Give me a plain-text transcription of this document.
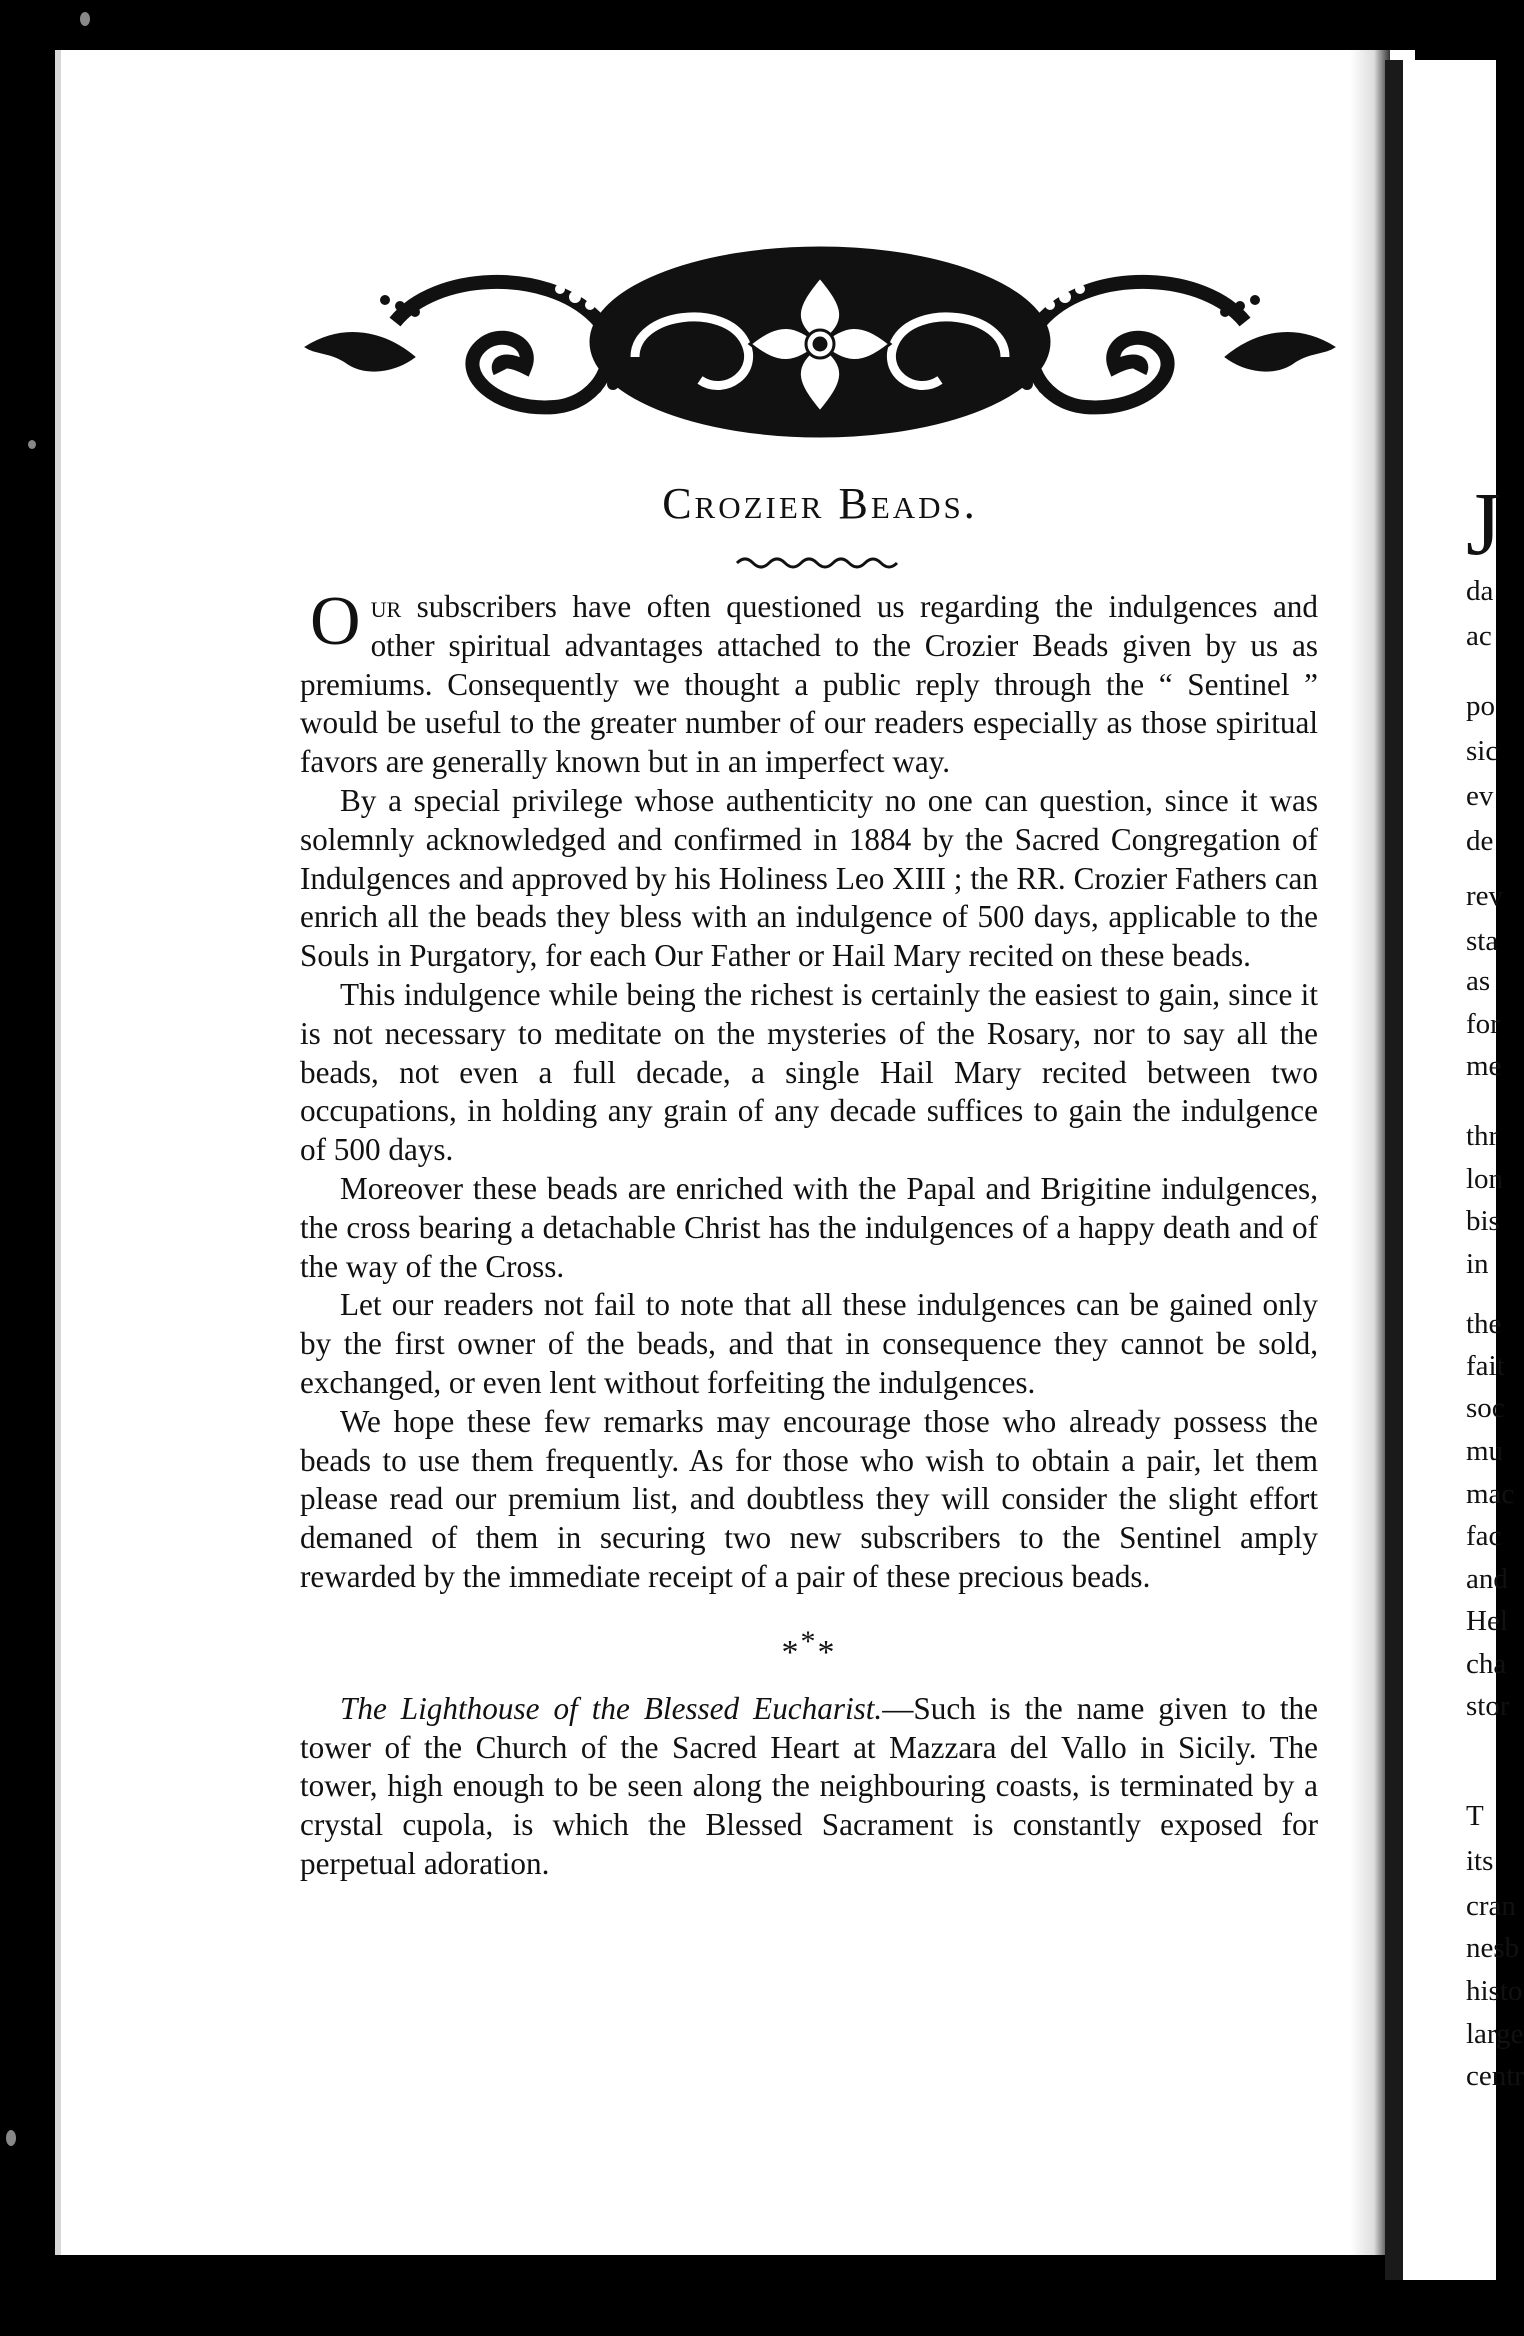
J
da
ac
po
sic
ev
de
rev
sta
as
for
me
thr
lon
bis
in
the
fait
soc
mu
mac
fac
and
Hel
cha
stor
T
its
cran
nesb
histo
large
centr
Crozier Beads.

Our subscribers have often questioned us regarding the indulgences and other spiritual advantages attached to the Crozier Beads given by us as premiums. Consequently we thought a public reply through the “ Sentinel ” would be useful to the greater number of our readers especially as those spiritual favors are generally known but in an imperfect way.

By a special privilege whose authenticity no one can question, since it was solemnly acknowledged and confirmed in 1884 by the Sacred Congregation of Indulgences and approved by his Holiness Leo XIII ; the RR. Crozier Fathers can enrich all the beads they bless with an indulgence of 500 days, applicable to the Souls in Purgatory, for each Our Father or Hail Mary recited on these beads.

This indulgence while being the richest is certainly the easiest to gain, since it is not necessary to meditate on the mysteries of the Rosary, nor to say all the beads, not even a full decade, a single Hail Mary recited between two occupations, in holding any grain of any decade suffices to gain the indulgence of 500 days.

Moreover these beads are enriched with the Papal and Brigitine indulgences, the cross bearing a detachable Christ has the indulgences of a happy death and of the way of the Cross.

Let our readers not fail to note that all these indulgences can be gained only by the first owner of the beads, and that in consequence they cannot be sold, exchanged, or even lent without forfeiting the indulgences.

We hope these few remarks may encourage those who already possess the beads to use them frequently. As for those who wish to obtain a pair, let them please read our premium list, and doubtless they will consider the slight effort demaned of them in securing two new subscribers to the Sentinel amply rewarded by the immediate receipt of a pair of these precious beads.

***

The Lighthouse of the Blessed Eucharist.—Such is the name given to the tower of the Church of the Sacred Heart at Mazzara del Vallo in Sicily. The tower, high enough to be seen along the neighbouring coasts, is terminated by a crystal cupola, is which the Blessed Sacrament is constantly exposed for perpetual adoration.
